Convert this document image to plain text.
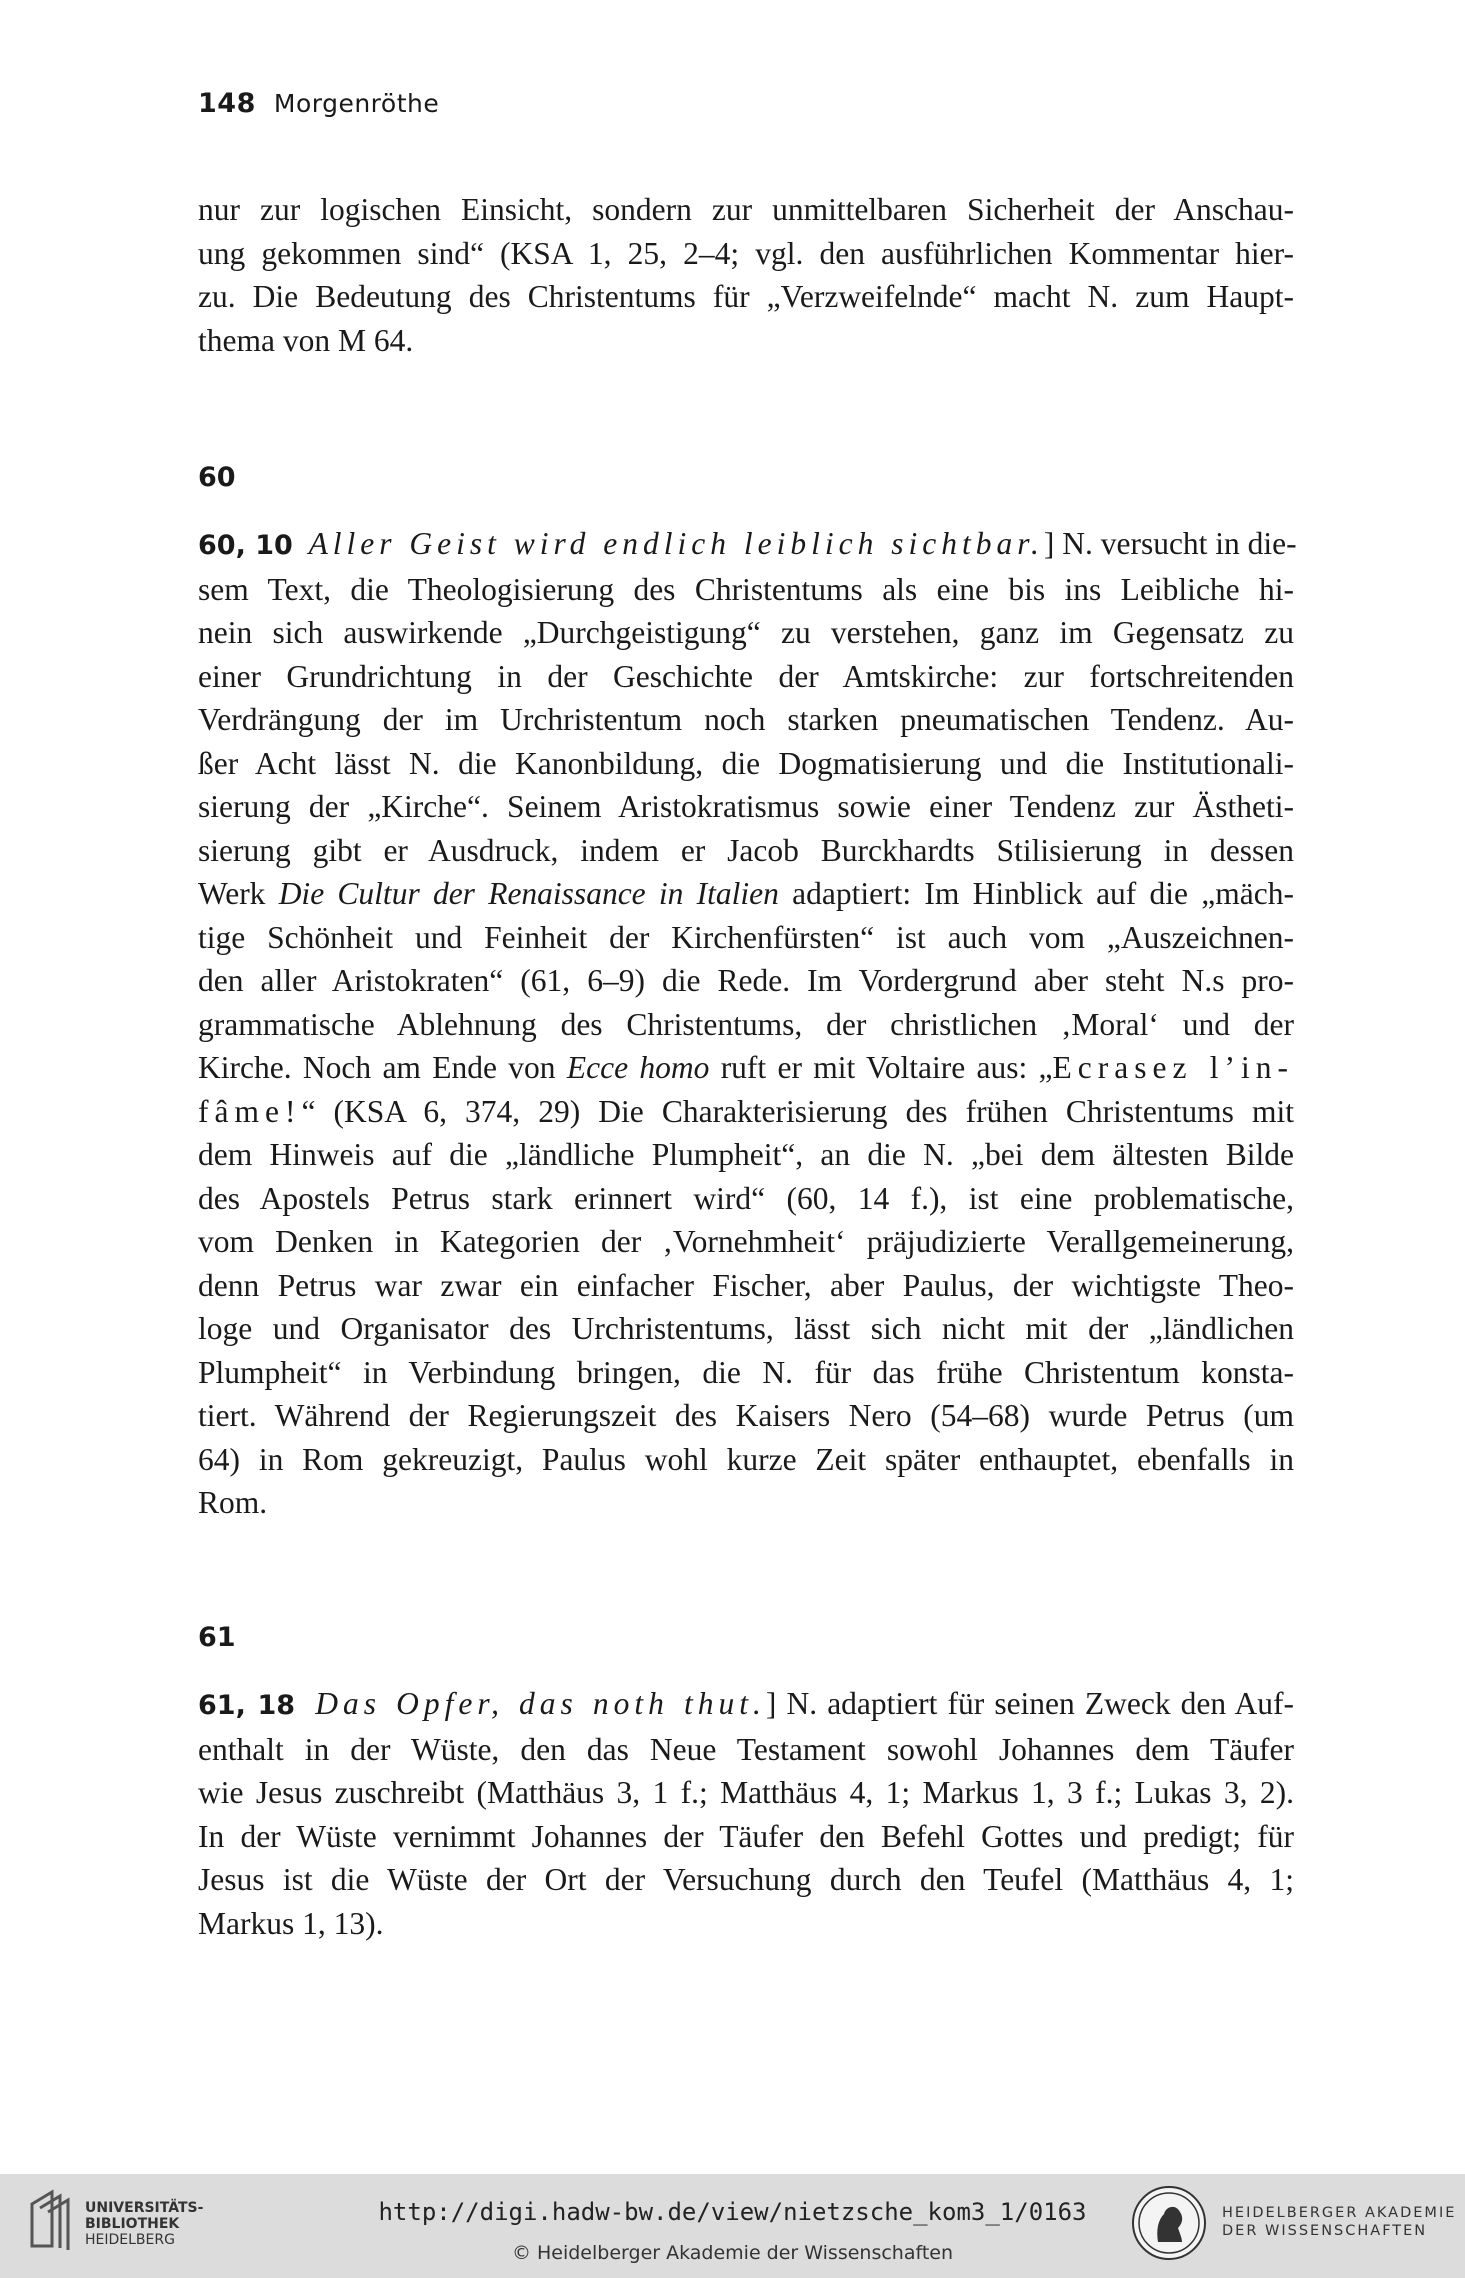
148 Morgenröthe
nur zur logischen Einsicht, sondern zur unmittelbaren Sicherheit der Anschau-
ung gekommen sind“ (KSA 1, 25, 2–4; vgl. den ausführlichen Kommentar hier-
zu. Die Bedeutung des Christentums für „Verzweifelnde“ macht N. zum Haupt-
thema von M 64.
60
60, 10 Aller Geist wird endlich leiblich sichtbar.] N. versucht in die-
sem Text, die Theologisierung des Christentums als eine bis ins Leibliche hi-
nein sich auswirkende „Durchgeistigung“ zu verstehen, ganz im Gegensatz zu
einer Grundrichtung in der Geschichte der Amtskirche: zur fortschreitenden
Verdrängung der im Urchristentum noch starken pneumatischen Tendenz. Au-
ßer Acht lässt N. die Kanonbildung, die Dogmatisierung und die Institutionali-
sierung der „Kirche“. Seinem Aristokratismus sowie einer Tendenz zur Ästheti-
sierung gibt er Ausdruck, indem er Jacob Burckhardts Stilisierung in dessen
Werk Die Cultur der Renaissance in Italien adaptiert: Im Hinblick auf die „mäch-
tige Schönheit und Feinheit der Kirchenfürsten“ ist auch vom „Auszeichnen-
den aller Aristokraten“ (61, 6–9) die Rede. Im Vordergrund aber steht N.s pro-
grammatische Ablehnung des Christentums, der christlichen ‚Moral‘ und der
Kirche. Noch am Ende von Ecce homo ruft er mit Voltaire aus: „Ecrasez l’in-
fâme!“ (KSA 6, 374, 29) Die Charakterisierung des frühen Christentums mit
dem Hinweis auf die „ländliche Plumpheit“, an die N. „bei dem ältesten Bilde
des Apostels Petrus stark erinnert wird“ (60, 14 f.), ist eine problematische,
vom Denken in Kategorien der ‚Vornehmheit‘ präjudizierte Verallgemeinerung,
denn Petrus war zwar ein einfacher Fischer, aber Paulus, der wichtigste Theo-
loge und Organisator des Urchristentums, lässt sich nicht mit der „ländlichen
Plumpheit“ in Verbindung bringen, die N. für das frühe Christentum konsta-
tiert. Während der Regierungszeit des Kaisers Nero (54–68) wurde Petrus (um
64) in Rom gekreuzigt, Paulus wohl kurze Zeit später enthauptet, ebenfalls in
Rom.
61
61, 18 Das Opfer, das noth thut.] N. adaptiert für seinen Zweck den Auf-
enthalt in der Wüste, den das Neue Testament sowohl Johannes dem Täufer
wie Jesus zuschreibt (Matthäus 3, 1 f.; Matthäus 4, 1; Markus 1, 3 f.; Lukas 3, 2).
In der Wüste vernimmt Johannes der Täufer den Befehl Gottes und predigt; für
Jesus ist die Wüste der Ort der Versuchung durch den Teufel (Matthäus 4, 1;
Markus 1, 13).
UNIVERSITÄTS-
BIBLIOTHEK
HEIDELBERG
http://digi.hadw-bw.de/view/nietzsche_kom3_1/0163
© Heidelberger Akademie der Wissenschaften
HEIDELBERGER AKADEMIE
DER WISSENSCHAFTEN
